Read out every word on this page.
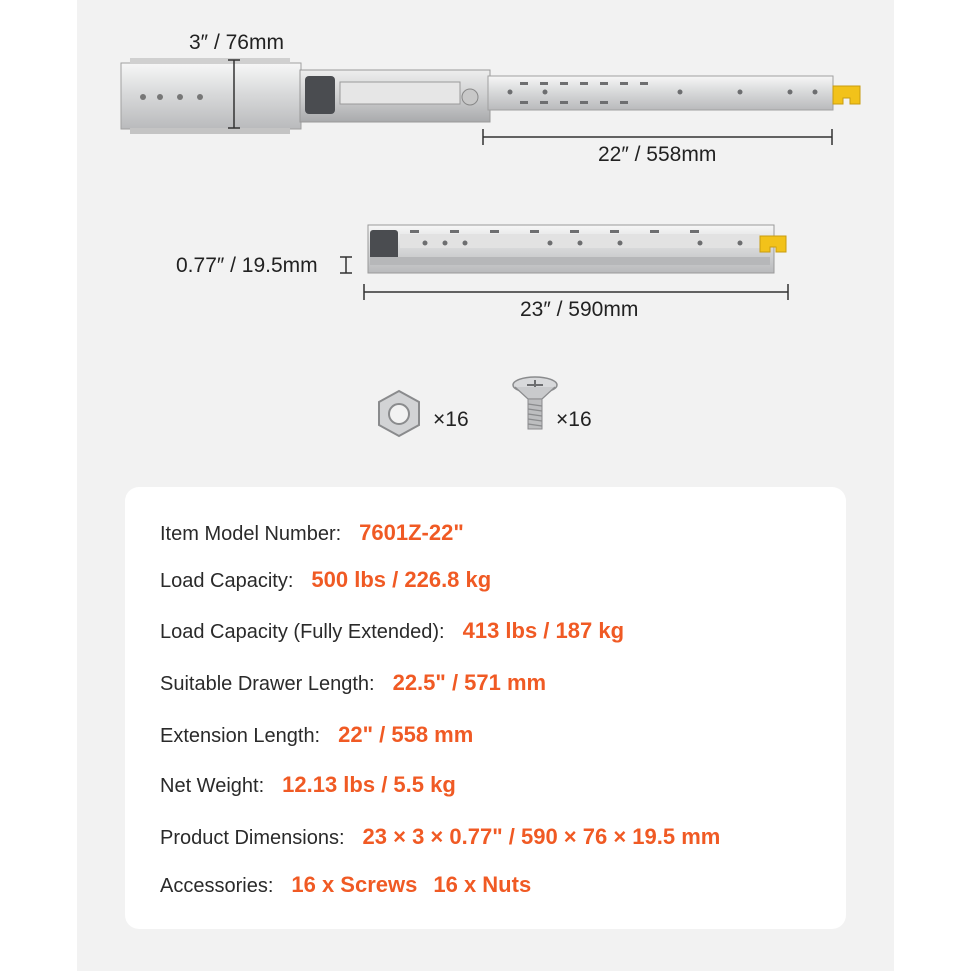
3″ / 76mm
22″ / 558mm
0.77″ / 19.5mm
23″ / 590mm
×16	×16
Item Model Number: 7601Z-22"
Load Capacity: 500 lbs / 226.8 kg
Load Capacity (Fully Extended): 413 lbs / 187 kg
Suitable Drawer Length: 22.5" / 571 mm
Extension Length: 22" / 558 mm
Net Weight: 12.13 lbs / 5.5 kg
Product Dimensions: 23 × 3 × 0.77" / 590 × 76 × 19.5 mm
Accessories: 16 x Screws 16 x Nuts
